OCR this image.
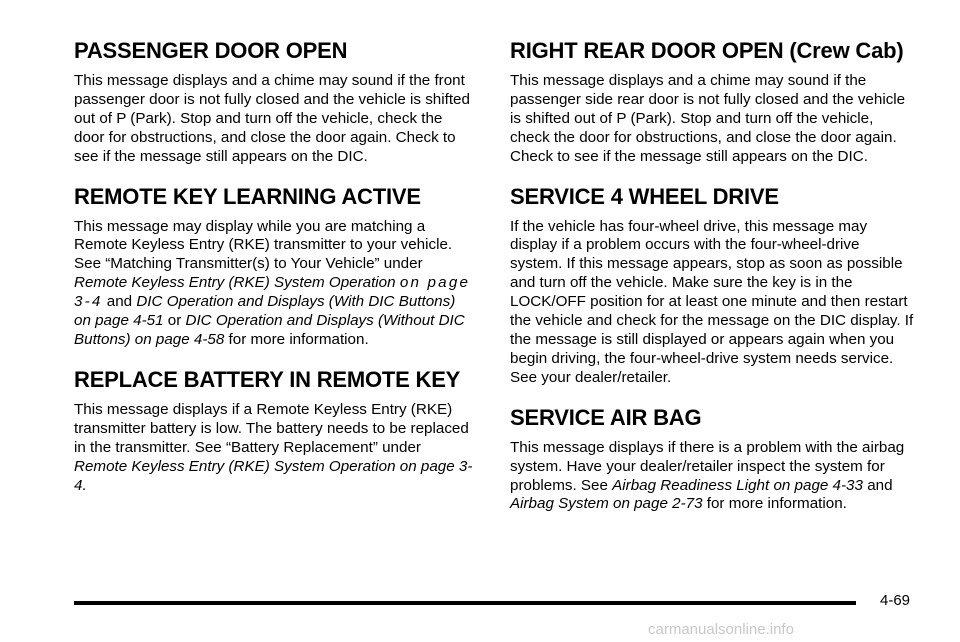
PASSENGER DOOR OPEN

This message displays and a chime may sound if the front passenger door is not fully closed and the vehicle is shifted out of P (Park). Stop and turn off the vehicle, check the door for obstructions, and close the door again. Check to see if the message still appears on the DIC.

REMOTE KEY LEARNING ACTIVE

This message may display while you are matching a Remote Keyless Entry (RKE) transmitter to your vehicle. See “Matching Transmitter(s) to Your Vehicle” under Remote Keyless Entry (RKE) System Operation on page 3-4 and DIC Operation and Displays (With DIC Buttons) on page 4-51 or DIC Operation and Displays (Without DIC Buttons) on page 4-58 for more information.

REPLACE BATTERY IN REMOTE KEY

This message displays if a Remote Keyless Entry (RKE) transmitter battery is low. The battery needs to be replaced in the transmitter. See “Battery Replacement” under Remote Keyless Entry (RKE) System Operation on page 3-4.

RIGHT REAR DOOR OPEN (Crew Cab)

This message displays and a chime may sound if the passenger side rear door is not fully closed and the vehicle is shifted out of P (Park). Stop and turn off the vehicle, check the door for obstructions, and close the door again. Check to see if the message still appears on the DIC.

SERVICE 4 WHEEL DRIVE

If the vehicle has four-wheel drive, this message may display if a problem occurs with the four-wheel-drive system. If this message appears, stop as soon as possible and turn off the vehicle. Make sure the key is in the LOCK/OFF position for at least one minute and then restart the vehicle and check for the message on the DIC display. If the message is still displayed or appears again when you begin driving, the four-wheel-drive system needs service. See your dealer/retailer.

SERVICE AIR BAG

This message displays if there is a problem with the airbag system. Have your dealer/retailer inspect the system for problems. See Airbag Readiness Light on page 4-33 and Airbag System on page 2-73 for more information.

4-69
carmanualsonline.info
